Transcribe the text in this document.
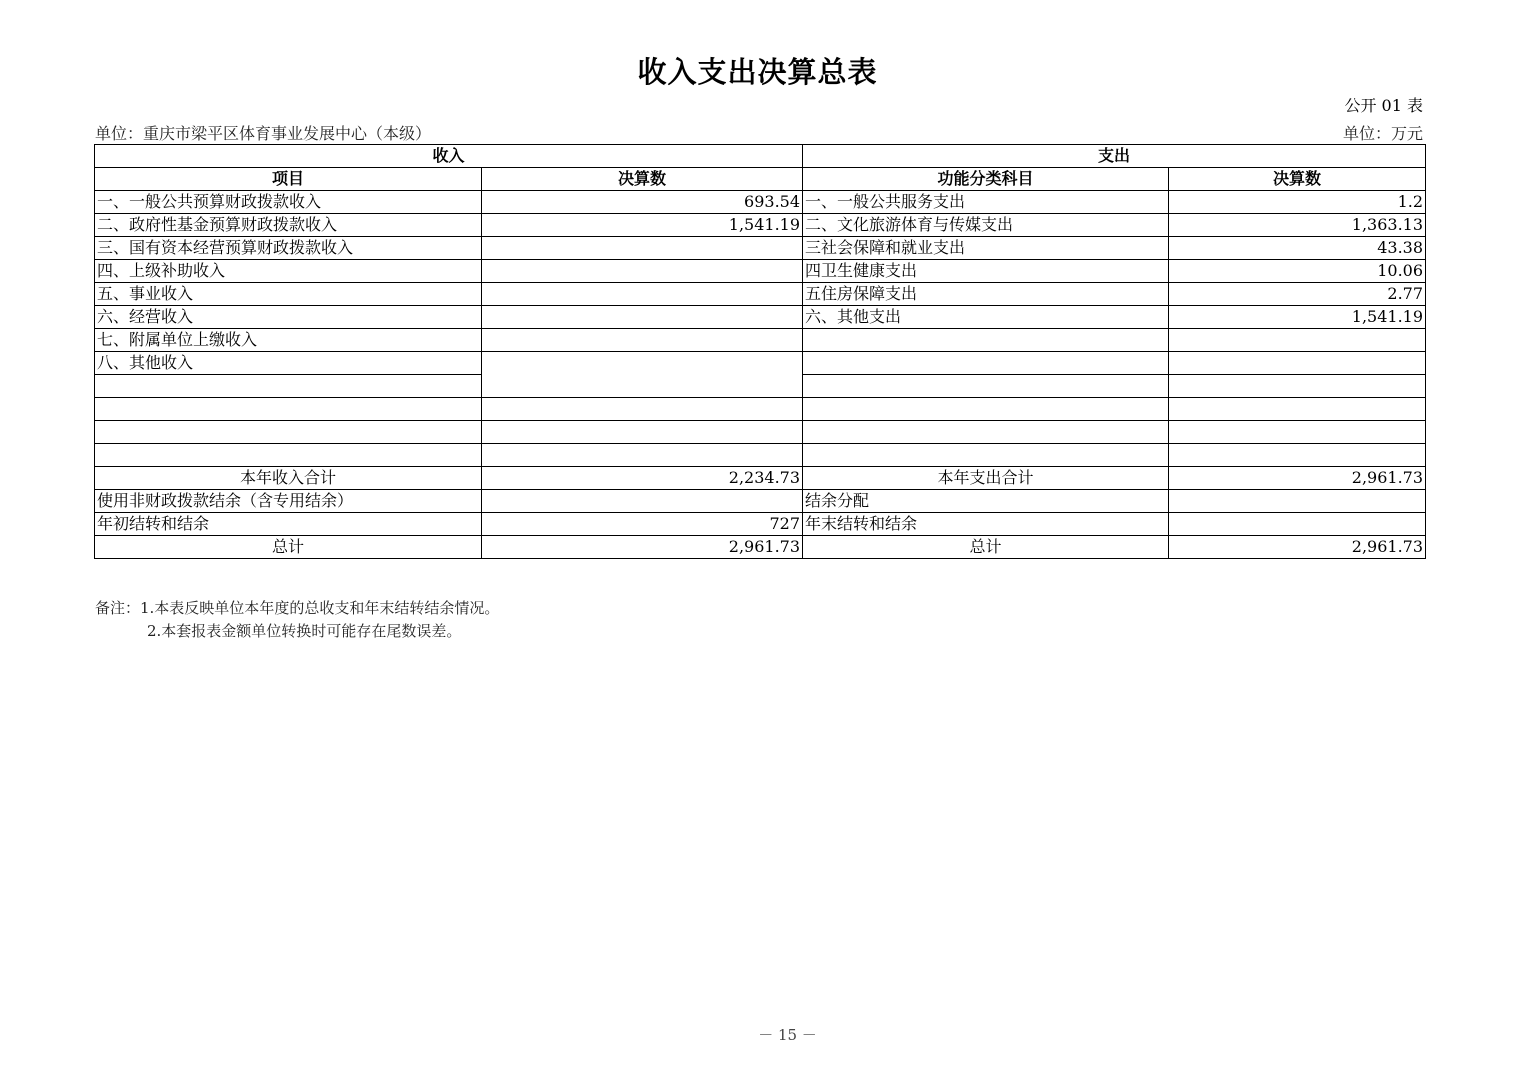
收入支出决算总表
公开 01 表
单位：重庆市梁平区体育事业发展中心（本级）	单位：万元
收入		支出	
项目	决算数	功能分类科目	决算数
一、一般公共预算财政拨款收入	693.54	一、一般公共服务支出	1.2
二、政府性基金预算财政拨款收入	1,541.19	二、文化旅游体育与传媒支出	1,363.13
三、国有资本经营预算财政拨款收入		三社会保障和就业支出	43.38
四、上级补助收入		四卫生健康支出	10.06
五、事业收入		五住房保障支出	2.77
六、经营收入		六、其他支出	1,541.19
七、附属单位上缴收入			
八、其他收入			

本年收入合计	2,234.73	本年支出合计	2,961.73
使用非财政拨款结余（含专用结余）		结余分配	
年初结转和结余	727	年末结转和结余	
总计	2,961.73	总计	2,961.73
备注：1.本表反映单位本年度的总收支和年末结转结余情况。
2.本套报表金额单位转换时可能存在尾数误差。
－ 15 －
